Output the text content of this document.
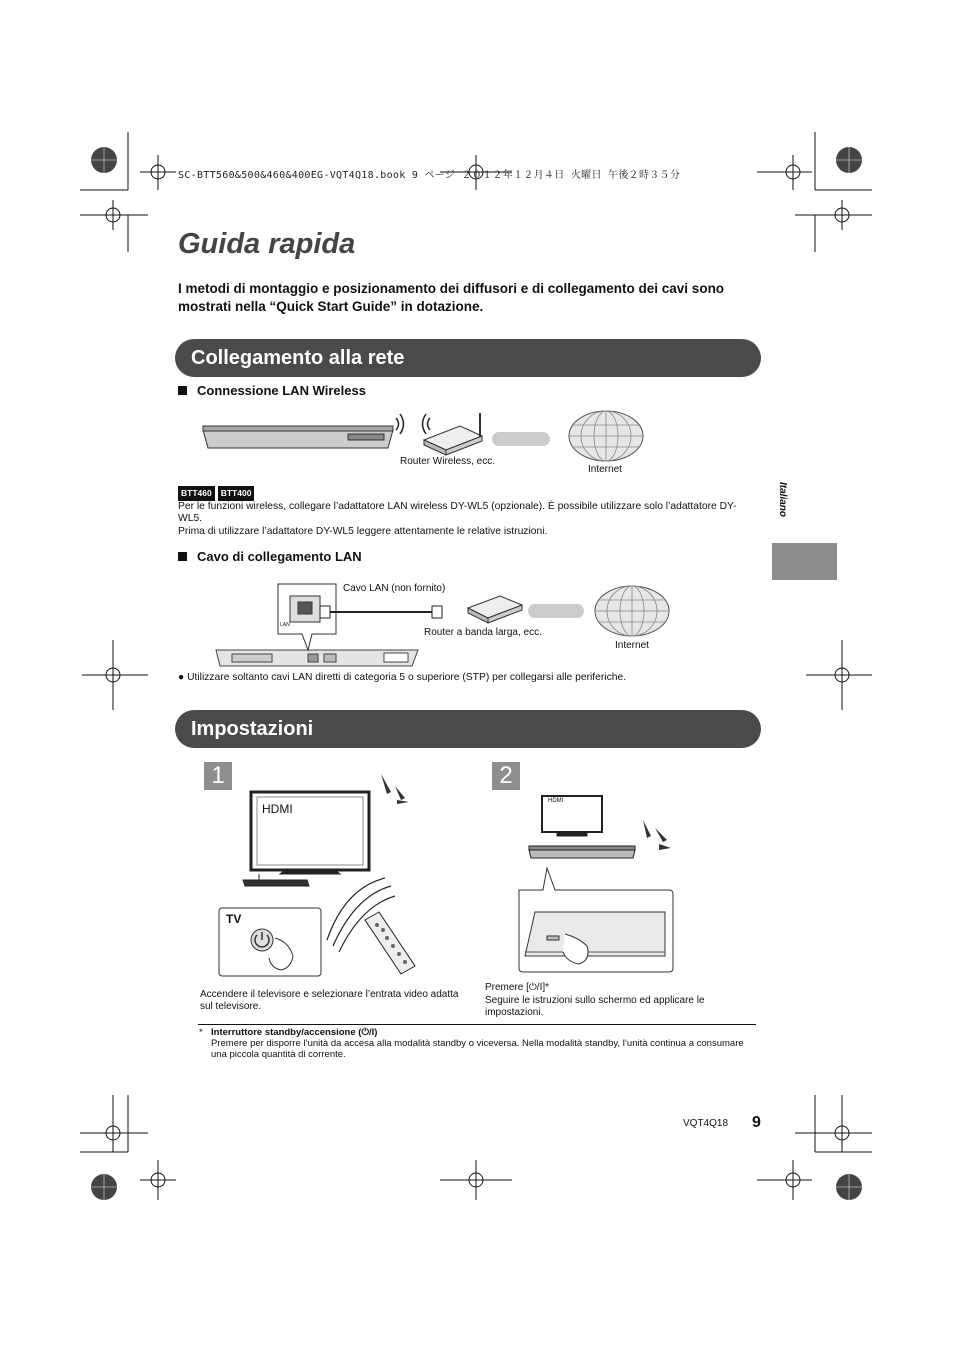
SC-BTT560&500&460&400EG-VQT4Q18.book 9 ページ ２０１２年１２月４日 火曜日 午後２時３５分
Guida rapida
I metodi di montaggio e posizionamento dei diffusori e di collegamento dei cavi sono mostrati nella “Quick Start Guide” in dotazione.
Collegamento alla rete
Connessione LAN Wireless
Router Wireless, ecc.
Internet
BTT460 BTT400
Per le funzioni wireless, collegare l’adattatore LAN wireless DY-WL5 (opzionale). È possibile utilizzare solo l’adattatore DY-WL5.
Prima di utilizzare l’adattatore DY-WL5 leggere attentamente le relative istruzioni.
Cavo di collegamento LAN
LAN
Cavo LAN (non fornito)
Router a banda larga, ecc.
Internet
● Utilizzare soltanto cavi LAN diretti di categoria 5 o superiore (STP) per collegarsi alle periferiche.
Impostazioni
1	2
HDMI
TV
Accendere il televisore e selezionare l’entrata video adatta sul televisore.
HDMI
Premere [⏻/I]*
Seguire le istruzioni sullo schermo ed applicare le impostazioni.
* Interruttore standby/accensione (⏻/I)
Premere per disporre l’unità da accesa alla modalità standby o viceversa. Nella modalità standby, l’unità continua a consumare una piccola quantità di corrente.
Italiano
VQT4Q18 9
